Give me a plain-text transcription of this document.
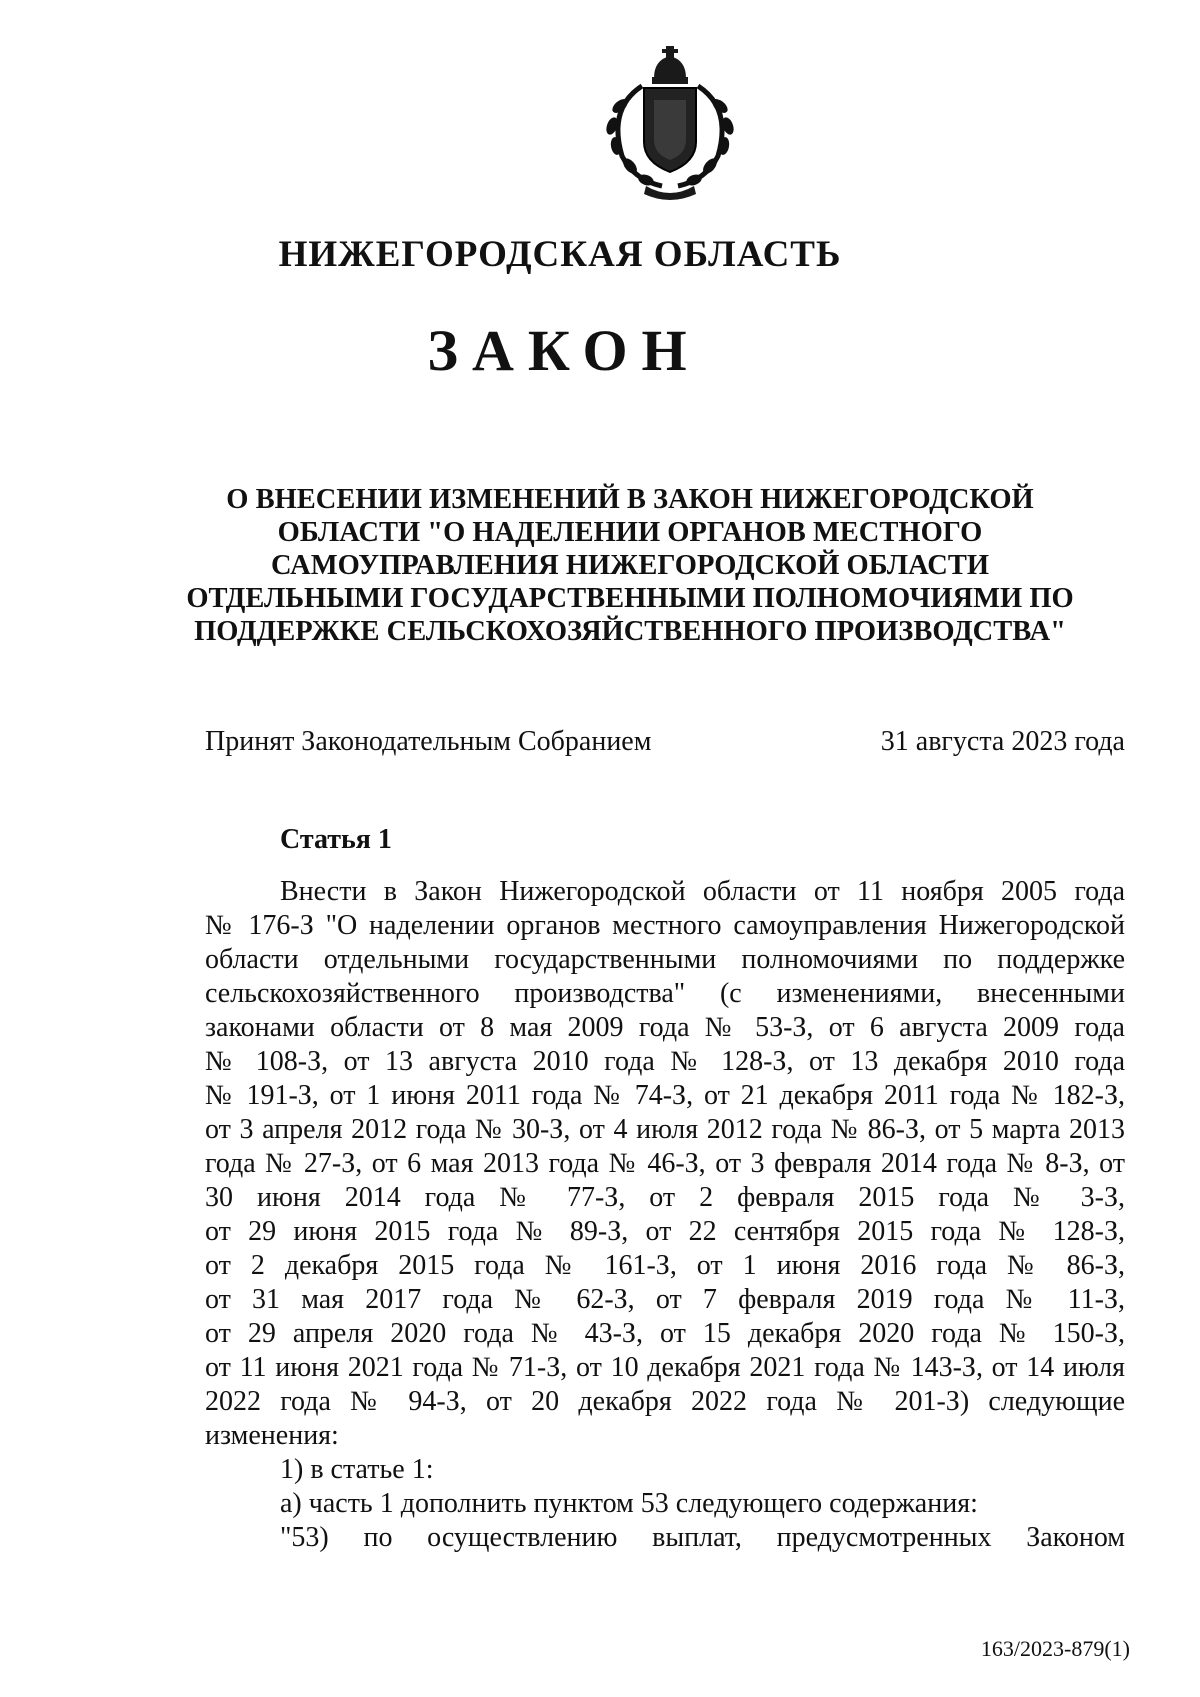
НИЖЕГОРОДСКАЯ ОБЛАСТЬ
ЗАКОН
О ВНЕСЕНИИ ИЗМЕНЕНИЙ В ЗАКОН НИЖЕГОРОДСКОЙ
ОБЛАСТИ "О НАДЕЛЕНИИ ОРГАНОВ МЕСТНОГО
САМОУПРАВЛЕНИЯ НИЖЕГОРОДСКОЙ ОБЛАСТИ
ОТДЕЛЬНЫМИ ГОСУДАРСТВЕННЫМИ ПОЛНОМОЧИЯМИ ПО
ПОДДЕРЖКЕ СЕЛЬСКОХОЗЯЙСТВЕННОГО ПРОИЗВОДСТВА"
Принят Законодательным Собранием	31 августа 2023 года
Статья 1
Внести в Закон Нижегородской области от 11 ноября 2005 года
№ 176-З "О наделении органов местного самоуправления Нижегородской
области отдельными государственными полномочиями по поддержке
сельскохозяйственного производства" (с изменениями, внесенными
законами области от 8 мая 2009 года № 53-З, от 6 августа 2009 года
№ 108-З, от 13 августа 2010 года № 128-З, от 13 декабря 2010 года
№ 191-З, от 1 июня 2011 года № 74-З, от 21 декабря 2011 года № 182-З,
от 3 апреля 2012 года № 30-З, от 4 июля 2012 года № 86-З, от 5 марта 2013
года № 27-З, от 6 мая 2013 года № 46-З, от 3 февраля 2014 года № 8-З, от
30 июня 2014 года № 77-З, от 2 февраля 2015 года № 3-З,
от 29 июня 2015 года № 89-З, от 22 сентября 2015 года № 128-З,
от 2 декабря 2015 года № 161-З, от 1 июня 2016 года № 86-З,
от 31 мая 2017 года № 62-З, от 7 февраля 2019 года № 11-З,
от 29 апреля 2020 года № 43-З, от 15 декабря 2020 года № 150-З,
от 11 июня 2021 года № 71-З, от 10 декабря 2021 года № 143-З, от 14 июля
2022 года № 94-З, от 20 декабря 2022 года № 201-З) следующие
изменения:
1) в статье 1:
а) часть 1 дополнить пунктом 53 следующего содержания:
"53) по осуществлению выплат, предусмотренных Законом
163/2023-879(1)
